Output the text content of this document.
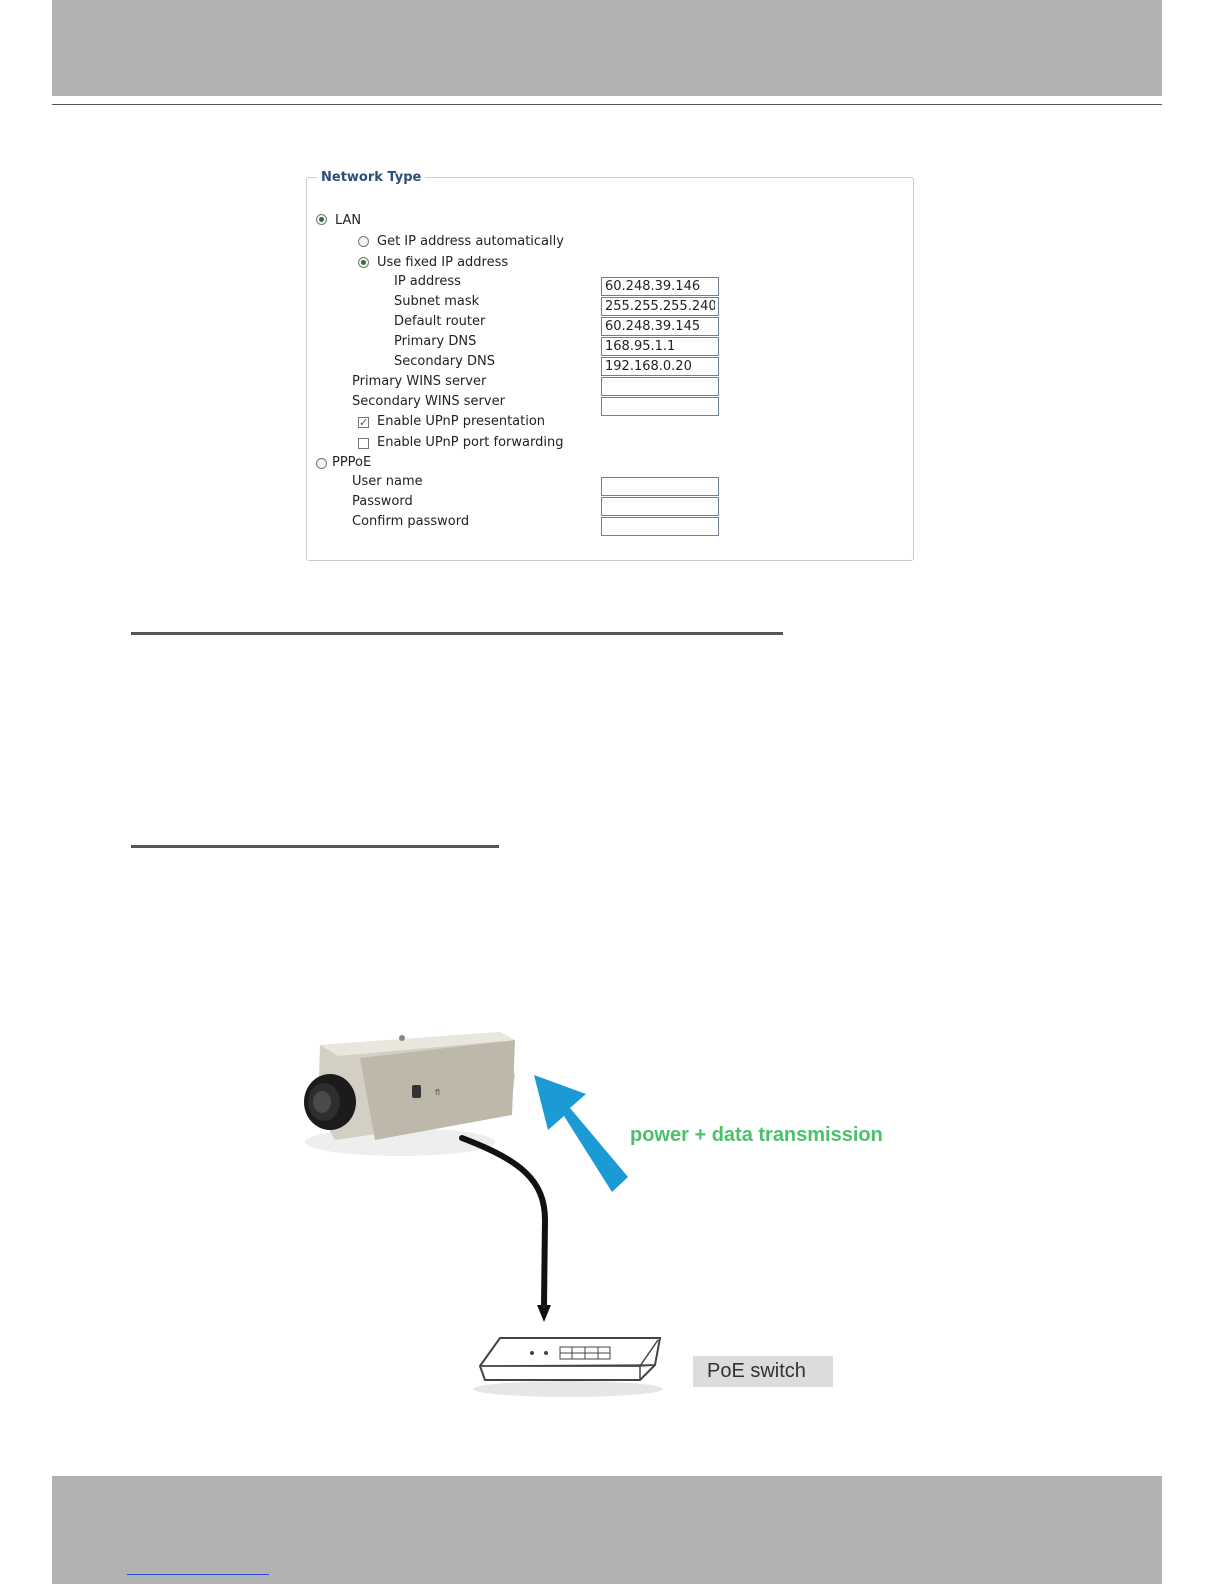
Network Type
LAN
Get IP address automatically
Use fixed IP address
IP address
60.248.39.146
Subnet mask
255.255.255.240
Default router
60.248.39.145
Primary DNS
168.95.1.1
Secondary DNS
192.168.0.20
Primary WINS server
Secondary WINS server
✓ Enable UPnP presentation
Enable UPnP port forwarding
PPPoE
User name
Password
Confirm password
fl
power + data transmission
PoE switch
